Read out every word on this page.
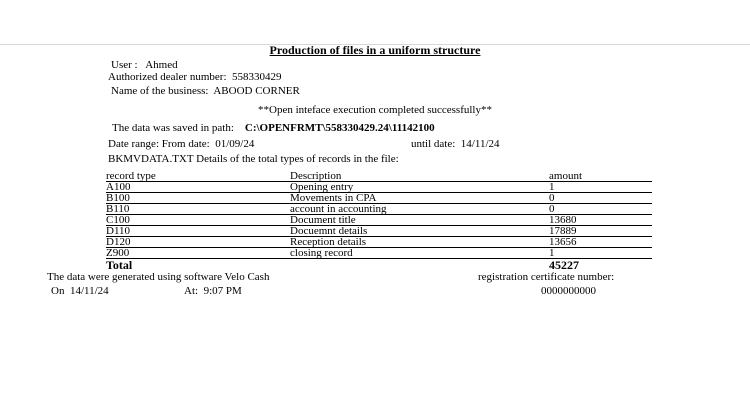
Production of files in a uniform structure
User : Ahmed
Authorized dealer number: 558330429
Name of the business: ABOOD CORNER
**Open inteface execution completed successfully**
The data was saved in path: C:\OPENFRMT\558330429.24\11142100
Date range: From date: 01/09/24	until date: 14/11/24
BKMVDATA.TXT Details of the total types of records in the file:
record type	Description	amount
A100	Opening entry	1
B100	Movements in CPA	0
B110	account in accounting	0
C100	Document title	13680
D110	Docuemnt details	17889
D120	Reception details	13656
Z900	closing record	1
Total		45227
The data were generated using software Velo Cash	registration certificate number:
On 14/11/24	At: 9:07 PM	0000000000
